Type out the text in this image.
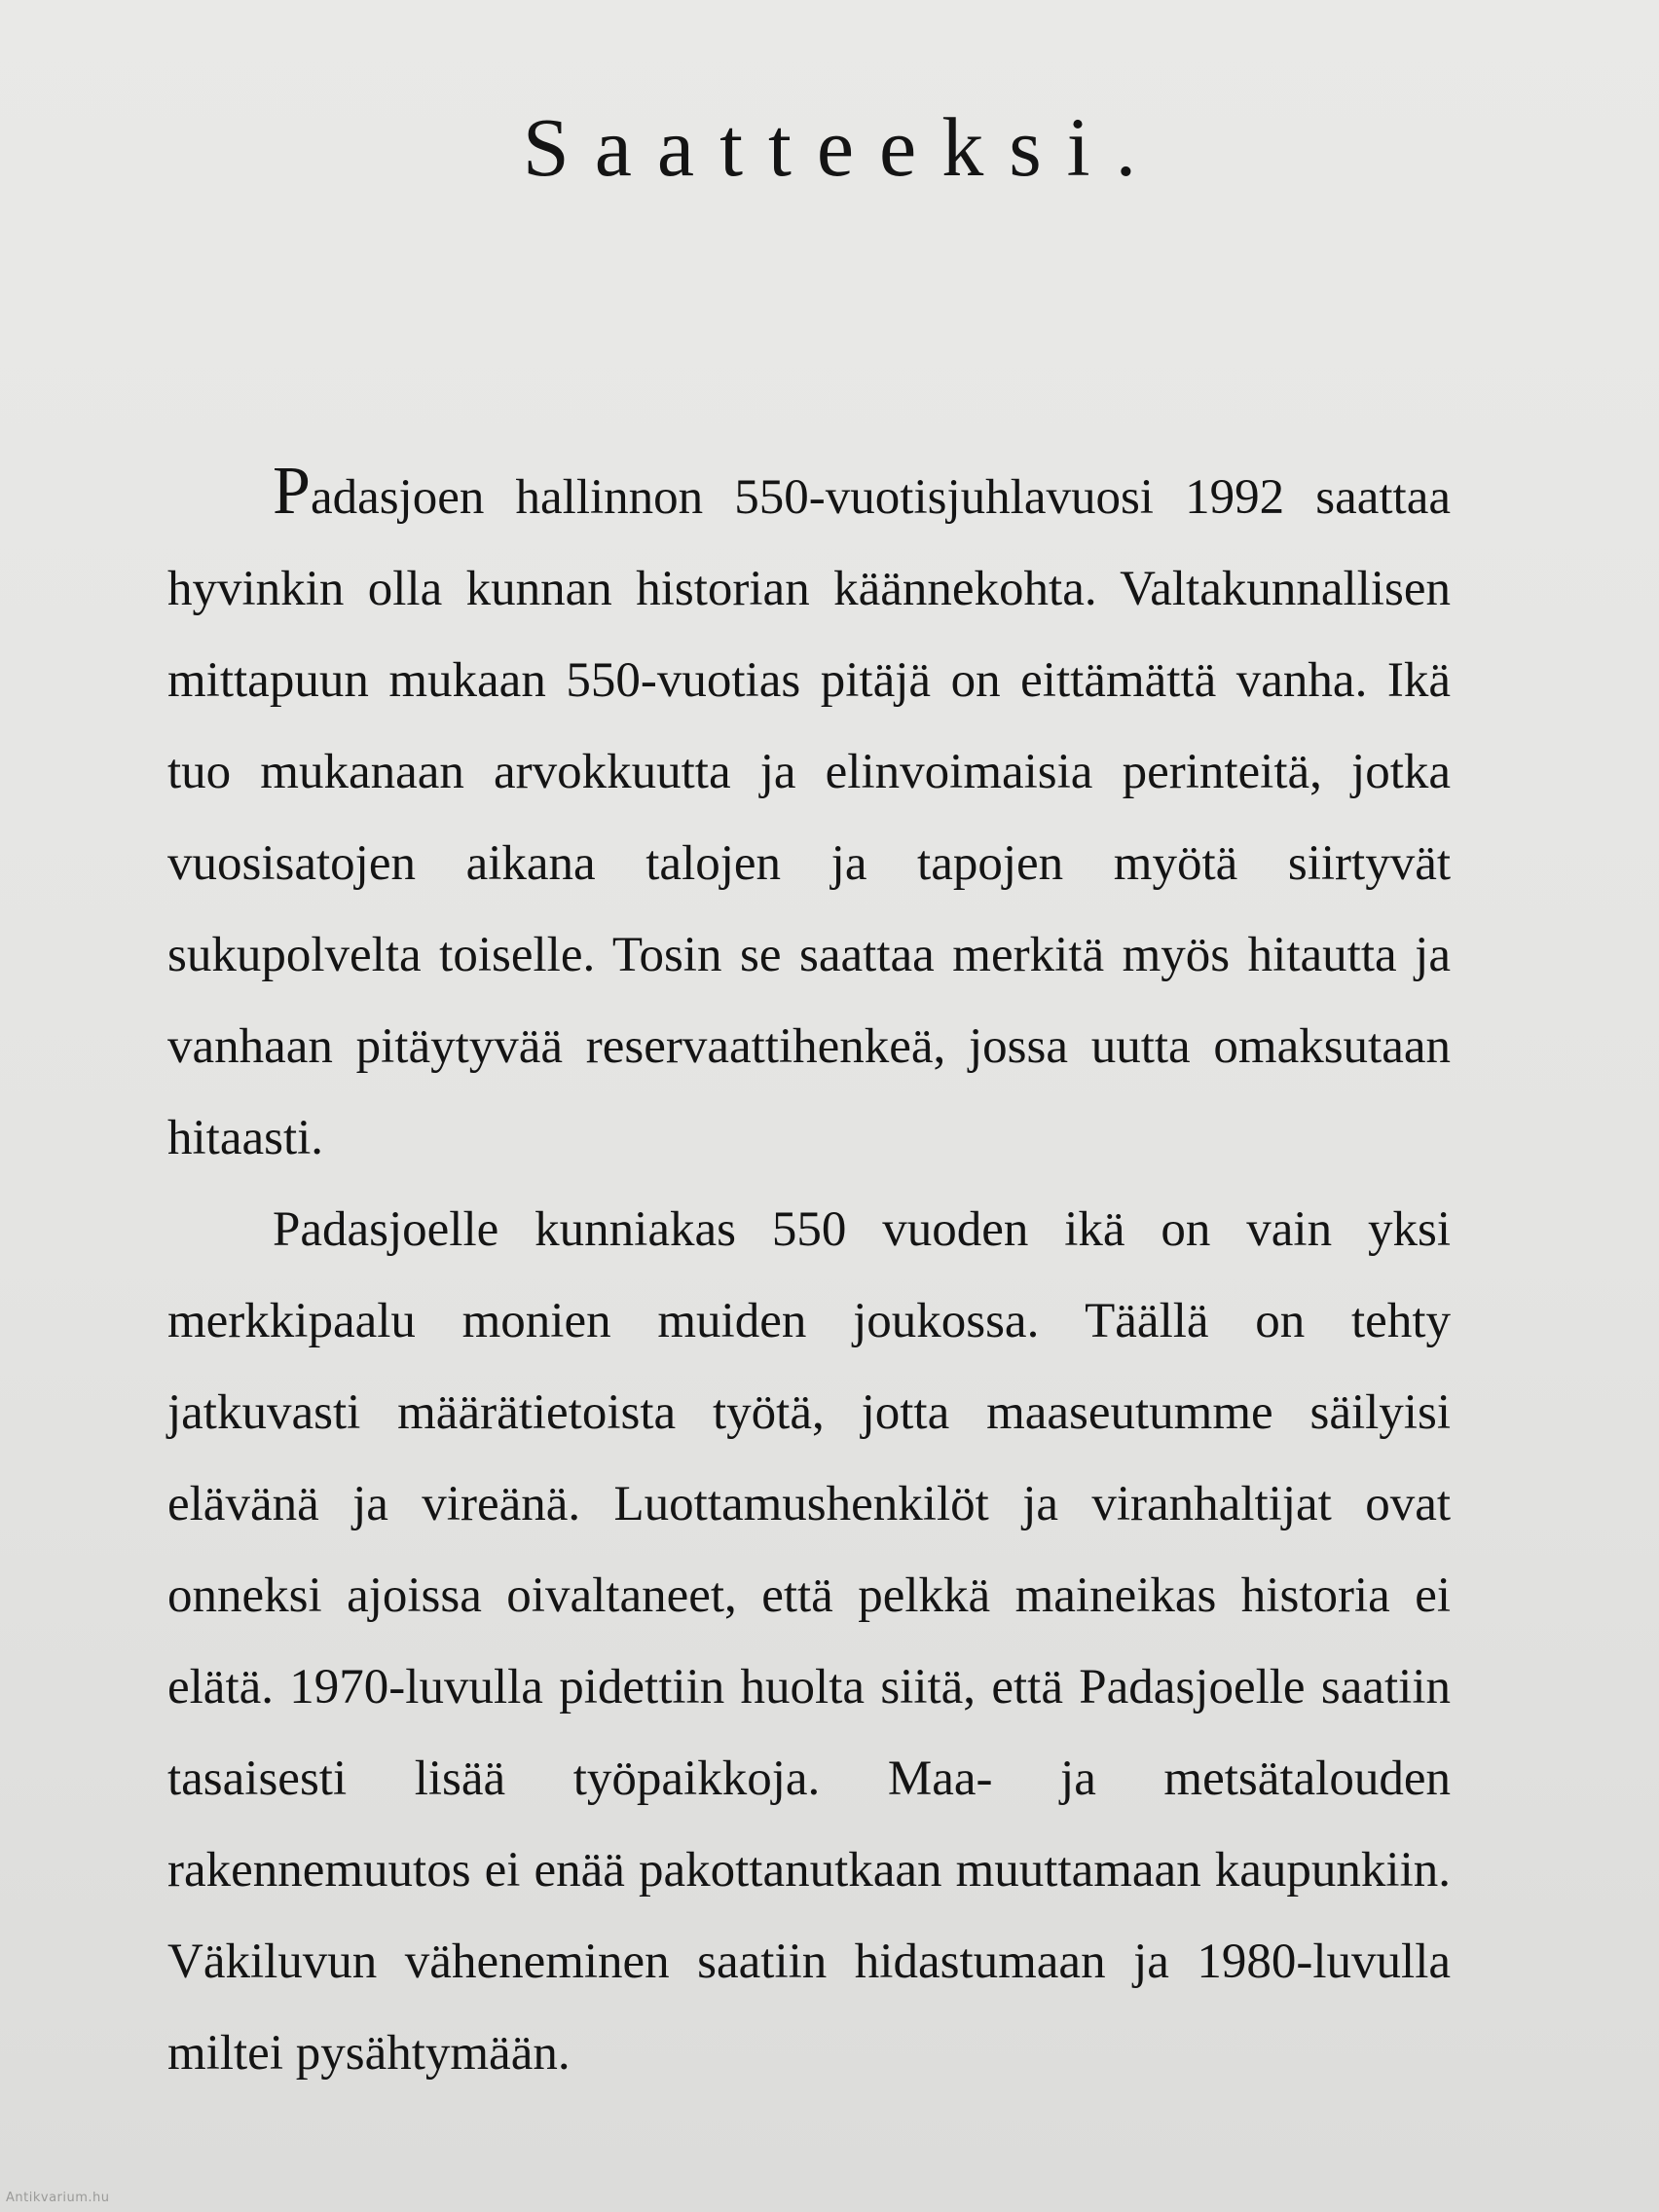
Saatteeksi.

Padasjoen hallinnon 550-vuotisjuhlavuosi 1992 saattaa hyvinkin olla kunnan historian käännekohta. Valtakunnallisen mittapuun mukaan 550-vuotias pitäjä on eittämättä vanha. Ikä tuo mukanaan arvokkuutta ja elinvoimaisia perinteitä, jotka vuosisatojen aikana talojen ja tapojen myötä siirtyvät sukupolvelta toiselle. Tosin se saattaa merkitä myös hitautta ja vanhaan pitäytyvää reservaattihenkeä, jossa uutta omaksutaan hitaasti.

Padasjoelle kunniakas 550 vuoden ikä on vain yksi merkkipaalu monien muiden joukossa. Täällä on tehty jatkuvasti määrätietoista työtä, jotta maaseutumme säilyisi elävänä ja vireänä. Luottamushenkilöt ja viranhaltijat ovat onneksi ajoissa oivaltaneet, että pelkkä maineikas historia ei elätä. 1970-luvulla pidettiin huolta siitä, että Padasjoelle saatiin tasaisesti lisää työpaikkoja. Maa- ja metsätalouden rakennemuutos ei enää pakottanutkaan muuttamaan kaupunkiin. Väkiluvun väheneminen saatiin hidastumaan ja 1980-luvulla miltei pysähtymään.

Antikvarium.hu
